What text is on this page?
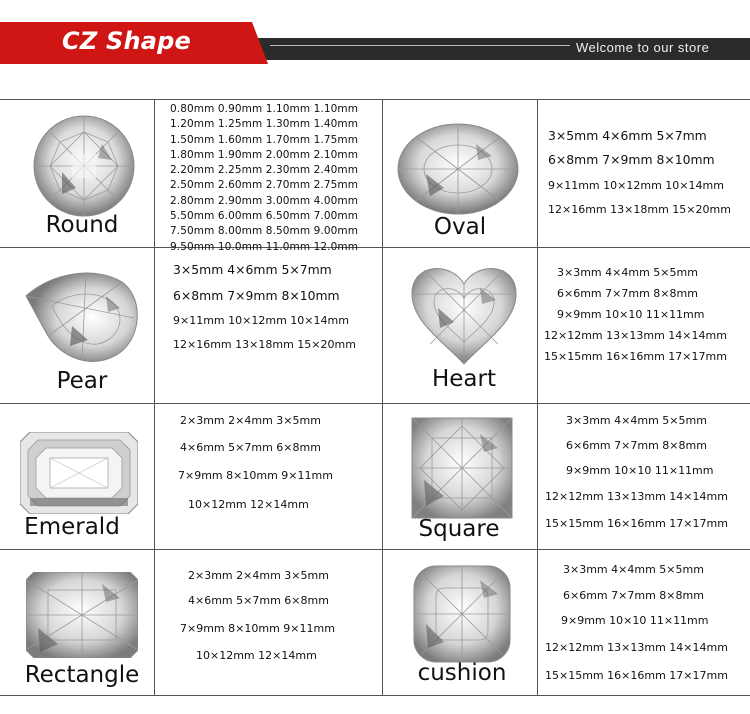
CZ Shape	Welcome to our store
Round
0.80mm 0.90mm 1.10mm 1.10mm
1.20mm 1.25mm 1.30mm 1.40mm
1.50mm 1.60mm 1.70mm 1.75mm
1.80mm 1.90mm 2.00mm 2.10mm
2.20mm 2.25mm 2.30mm 2.40mm
2.50mm 2.60mm 2.70mm 2.75mm
2.80mm 2.90mm 3.00mm 4.00mm
5.50mm 6.00mm 6.50mm 7.00mm
7.50mm 8.00mm 8.50mm 9.00mm
9.50mm 10.0mm 11.0mm 12.0mm
Oval
3×5mm 4×6mm 5×7mm
6×8mm 7×9mm 8×10mm
9×11mm 10×12mm 10×14mm
12×16mm 13×18mm 15×20mm
Pear
3×5mm 4×6mm 5×7mm
6×8mm 7×9mm 8×10mm
9×11mm 10×12mm 10×14mm
12×16mm 13×18mm 15×20mm
Heart
3×3mm 4×4mm 5×5mm
6×6mm 7×7mm 8×8mm
9×9mm 10×10 11×11mm
12×12mm 13×13mm 14×14mm
15×15mm 16×16mm 17×17mm
Emerald
2×3mm 2×4mm 3×5mm
4×6mm 5×7mm 6×8mm
7×9mm 8×10mm 9×11mm
10×12mm 12×14mm
Square
3×3mm 4×4mm 5×5mm
6×6mm 7×7mm 8×8mm
9×9mm 10×10 11×11mm
12×12mm 13×13mm 14×14mm
15×15mm 16×16mm 17×17mm
Rectangle
2×3mm 2×4mm 3×5mm
4×6mm 5×7mm 6×8mm
7×9mm 8×10mm 9×11mm
10×12mm 12×14mm
cushion
3×3mm 4×4mm 5×5mm
6×6mm 7×7mm 8×8mm
9×9mm 10×10 11×11mm
12×12mm 13×13mm 14×14mm
15×15mm 16×16mm 17×17mm
